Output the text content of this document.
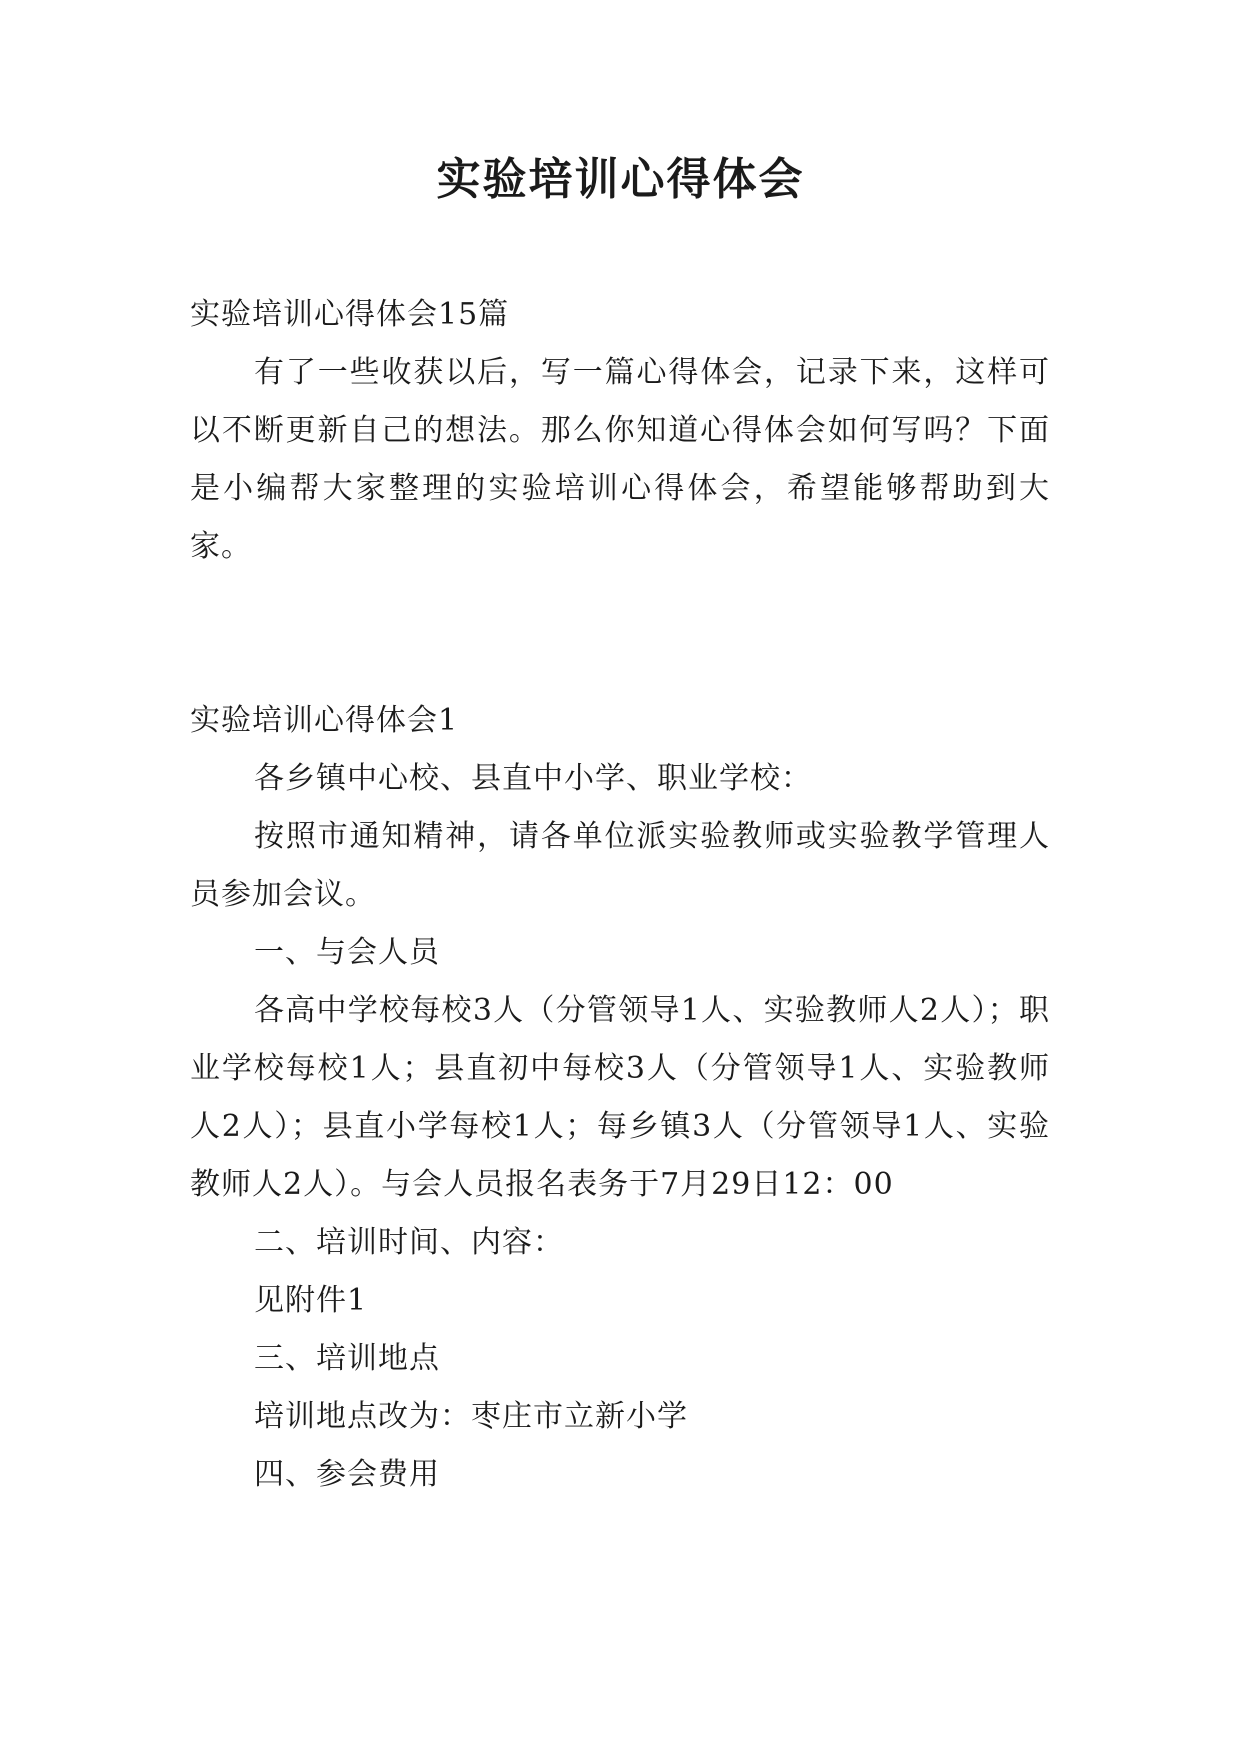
实验培训心得体会

实验培训心得体会15篇

有了一些收获以后，写一篇心得体会，记录下来，这样可以不断更新自己的想法。那么你知道心得体会如何写吗？下面是小编帮大家整理的实验培训心得体会，希望能够帮助到大家。

实验培训心得体会1

各乡镇中心校、县直中小学、职业学校：

按照市通知精神，请各单位派实验教师或实验教学管理人员参加会议。

一、与会人员

各高中学校每校3人（分管领导1人、实验教师人2人）；职业学校每校1人；县直初中每校3人（分管领导1人、实验教师人2人）；县直小学每校1人；每乡镇3人（分管领导1人、实验教师人2人）。与会人员报名表务于7月29日12：00

二、培训时间、内容：

见附件1

三、培训地点

培训地点改为：枣庄市立新小学

四、参会费用
